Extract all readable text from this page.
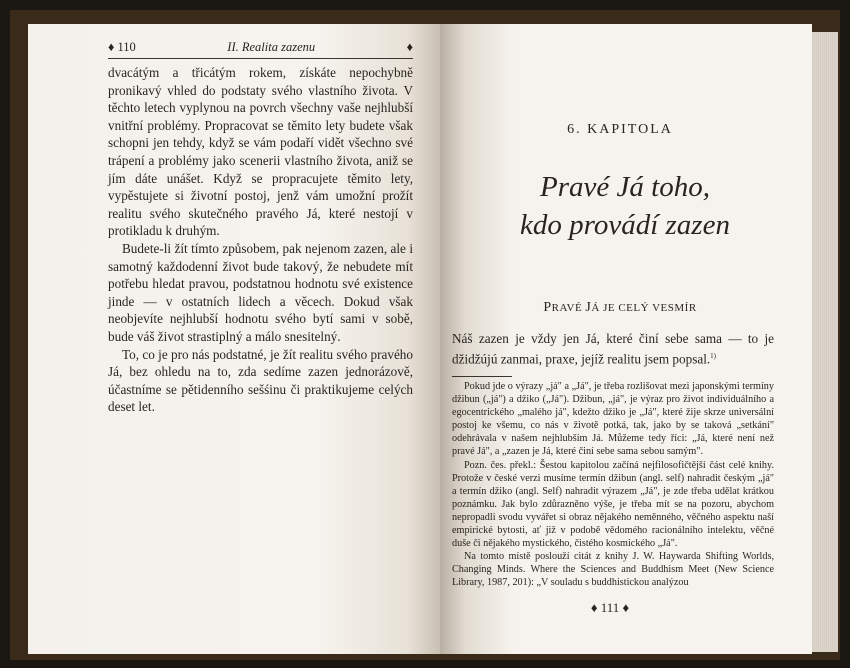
♦ 110	II. Realita zazenu	♦

dvacátým a třicátým rokem, získáte nepochybně pronikavý vhled do podstaty svého vlastního života. V těchto letech vyplynou na povrch všechny vaše nejhlubší vnitřní problémy. Propracovat se těmito lety budete však schopni jen tehdy, když se vám podaří vidět všechno své trápení a problémy jako scenerii vlastního života, aniž se jím dáte unášet. Když se propracujete těmito lety, vypěstujete si životní postoj, jenž vám umožní prožít realitu svého skutečného pravého Já, které nestojí v protikladu k druhým.

Budete-li žít tímto způsobem, pak nejenom zazen, ale i samotný každodenní život bude takový, že nebudete mít potřebu hledat pravou, podstatnou hodnotu své existence jinde — v ostatních lidech a věcech. Dokud však neobjevíte nejhlubší hodnotu svého bytí sami v sobě, bude váš život strastiplný a málo snesitelný.

To, co je pro nás podstatné, je žít realitu svého pravého Já, bez ohledu na to, zda sedíme zazen jednorázově, účastníme se pětidenního sešśinu či praktikujeme celých deset let.

6. KAPITOLA
Pravé Já toho,
kdo provádí zazen
PRAVÉ JÁ JE CELÝ VESMÍR
Náš zazen je vždy jen Já, které činí sebe sama — to je džidžújú zanmai, praxe, jejíž realitu jsem popsal.$^{1)}$

Pokud jde o výrazy „já" a „Já", je třeba rozlišovat mezi japonskými termíny džibun („já") a džiko („Já"). Džibun, „já", je výraz pro život individuálního a egocentrického „malého já", kdežto džiko je „Já", které žije skrze universální postoj ke všemu, co nás v životě potká, tak, jako by se taková „setkání" odehrávala v našem nejhlubším Já. Můžeme tedy říci: „Já, které není než pravé Já", a „zazen je Já, které činí sebe sama sebou samým".

Pozn. čes. překl.: Šestou kapitolou začíná nejfilosofičtější část celé knihy. Protože v české verzi musíme termín džibun (angl. self) nahradit českým „já" a termín džiko (angl. Self) nahradit výrazem „Já", je zde třeba udělat krátkou poznámku. Jak bylo zdůrazněno výše, je třeba mít se na pozoru, abychom nepropadli svodu vyvářet si obraz nějakého neměnného, věčného aspektu naší empirické bytosti, ať již v podobě vědomého racionálního intelektu, věčné duše či nějakého mystického, čistého kosmického „Já".

Na tomto místě poslouží citát z knihy J. W. Haywarda Shifting Worlds, Changing Minds. Where the Sciences and Buddhism Meet (New Science Library, 1987, 201): „V souladu s buddhistickou analýzou

♦ 111 ♦
